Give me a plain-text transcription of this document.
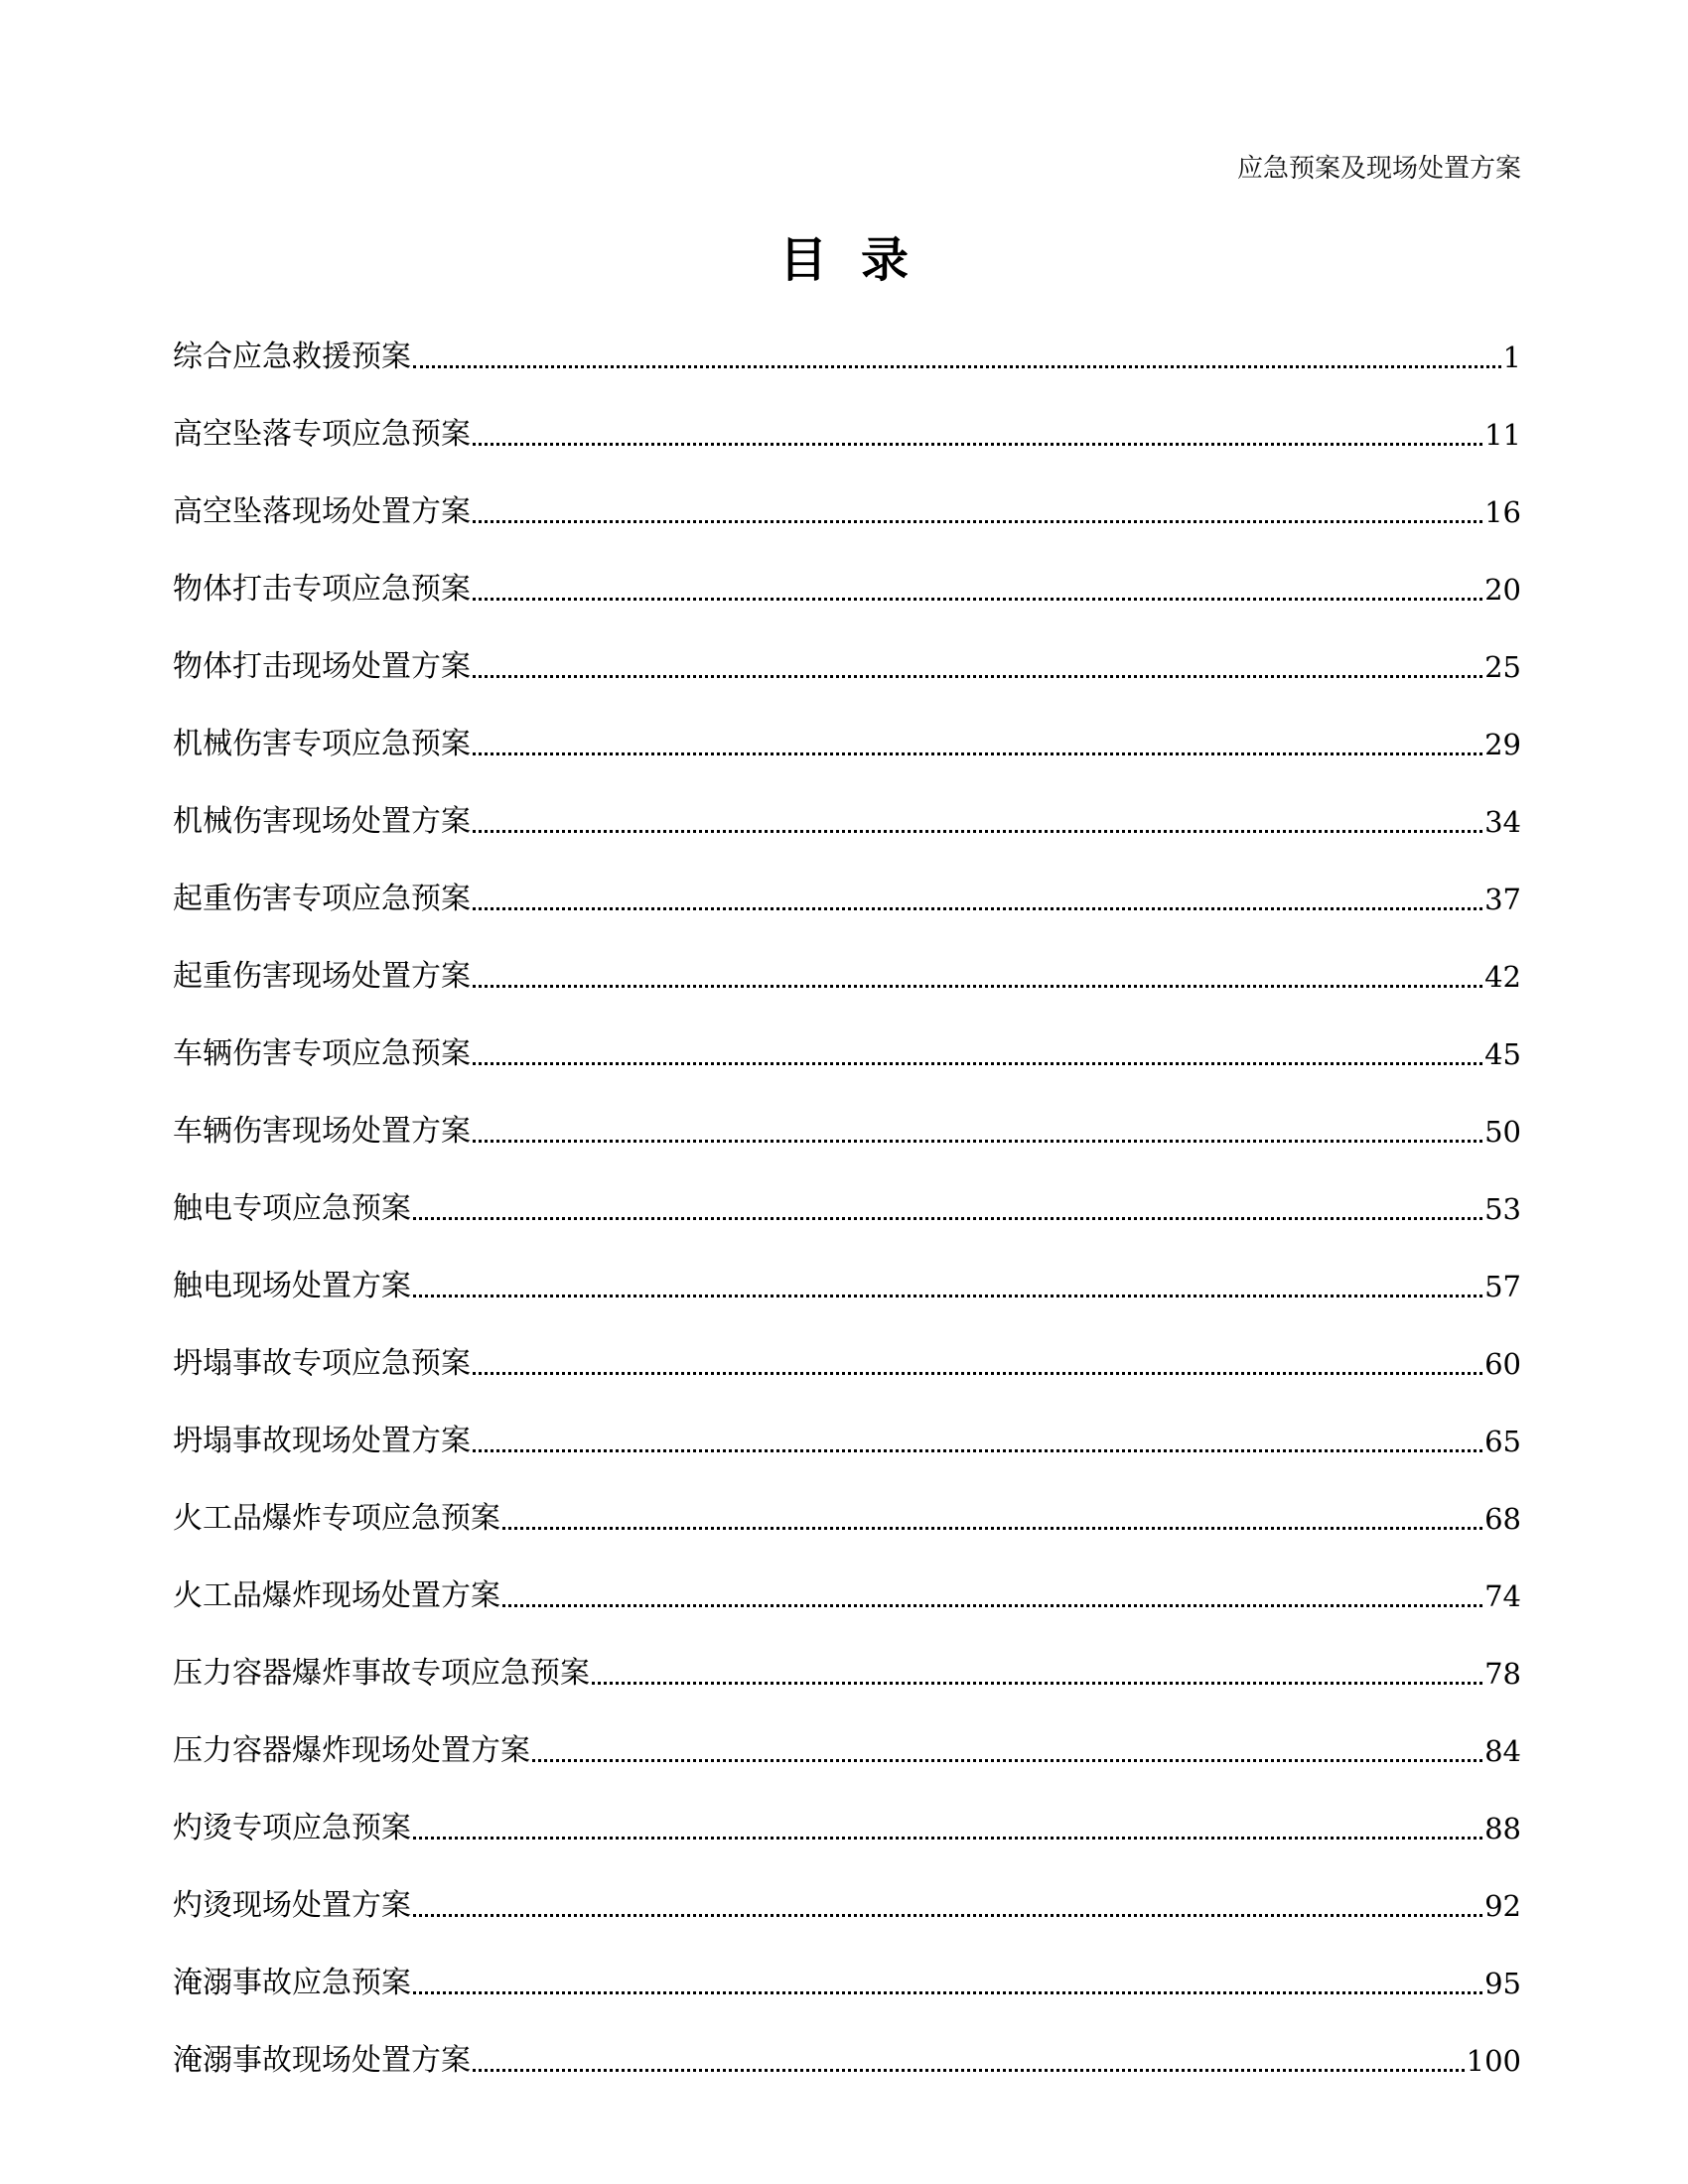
应急预案及现场处置方案
目录
综合应急救援预案	1
高空坠落专项应急预案	11
高空坠落现场处置方案	16
物体打击专项应急预案	20
物体打击现场处置方案	25
机械伤害专项应急预案	29
机械伤害现场处置方案	34
起重伤害专项应急预案	37
起重伤害现场处置方案	42
车辆伤害专项应急预案	45
车辆伤害现场处置方案	50
触电专项应急预案	53
触电现场处置方案	57
坍塌事故专项应急预案	60
坍塌事故现场处置方案	65
火工品爆炸专项应急预案	68
火工品爆炸现场处置方案	74
压力容器爆炸事故专项应急预案	78
压力容器爆炸现场处置方案	84
灼烫专项应急预案	88
灼烫现场处置方案	92
淹溺事故应急预案	95
淹溺事故现场处置方案	100
